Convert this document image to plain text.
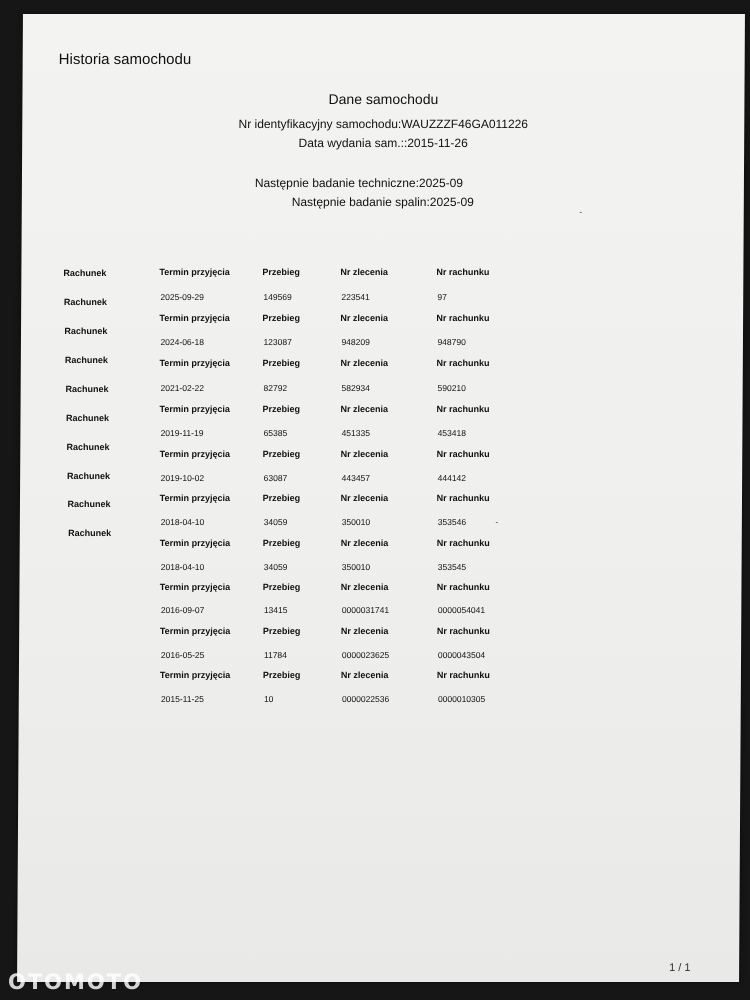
Historia samochodu
Dane samochodu
Nr identyfikacyjny samochodu:WAUZZZF46GA011226
Data wydania sam.::2015-11-26
Następnie badanie techniczne:2025-09
Następnie badanie spalin:2025-09
Rachunek
Rachunek
Rachunek
Rachunek
Rachunek
Rachunek
Rachunek
Rachunek
Rachunek
Rachunek
Termin przyjęcia
2025-09-29
Przebieg
149569
Nr zlecenia
223541
Nr rachunku
97
Termin przyjęcia
2024-06-18
Przebieg
123087
Nr zlecenia
948209
Nr rachunku
948790
Termin przyjęcia
2021-02-22
Przebieg
82792
Nr zlecenia
582934
Nr rachunku
590210
Termin przyjęcia
2019-11-19
Przebieg
65385
Nr zlecenia
451335
Nr rachunku
453418
Termin przyjęcia
2019-10-02
Przebieg
63087
Nr zlecenia
443457
Nr rachunku
444142
Termin przyjęcia
2018-04-10
Przebieg
34059
Nr zlecenia
350010
Nr rachunku
353546
Termin przyjęcia
2018-04-10
Przebieg
34059
Nr zlecenia
350010
Nr rachunku
353545
Termin przyjęcia
2016-09-07
Przebieg
13415
Nr zlecenia
0000031741
Nr rachunku
0000054041
Termin przyjęcia
2016-05-25
Przebieg
11784
Nr zlecenia
0000023625
Nr rachunku
0000043504
Termin przyjęcia
2015-11-25
Przebieg
10
Nr zlecenia
0000022536
Nr rachunku
0000010305
1 / 1
OTOMOTO
